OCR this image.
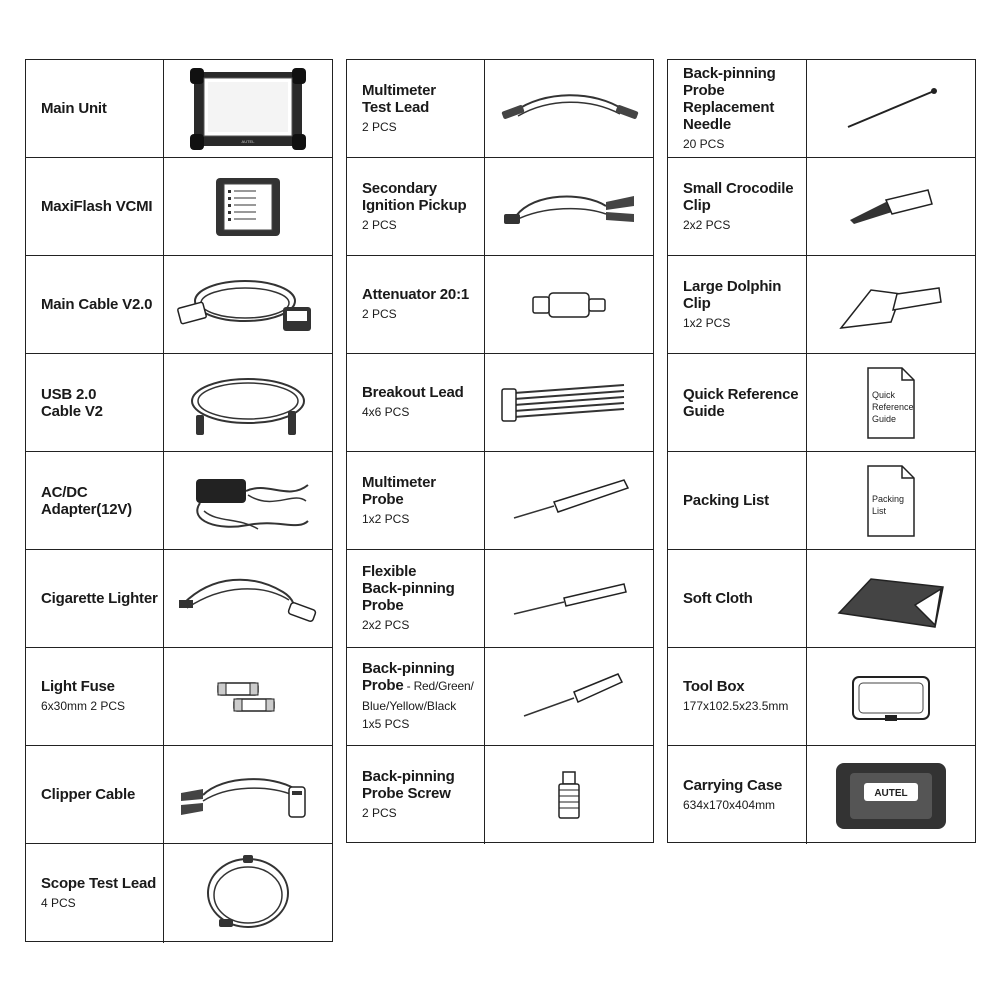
Main Unit
AUTEL
MaxiFlash VCMI
Main Cable V2.0
USB 2.0
Cable V2
AC/DC
Adapter(12V)
Cigarette Lighter
Light Fuse
6x30mm 2 PCS
Clipper Cable
Scope Test Lead
4 PCS
Multimeter
Test Lead
2 PCS
Secondary
Ignition Pickup
2 PCS
Attenuator 20:1
2 PCS
Breakout Lead
4x6 PCS
Multimeter
Probe
1x2 PCS
Flexible
Back-pinning
Probe
2x2 PCS
Back-pinning
Probe - Red/Green/
Blue/Yellow/Black
1x5 PCS
Back-pinning
Probe Screw
2 PCS
Back-pinning
Probe
Replacement
Needle
20 PCS
Small Crocodile
Clip
2x2 PCS
Large Dolphin
Clip
1x2 PCS
Quick Reference
Guide
Quick
Reference
Guide
Packing List	Packing
List
Soft Cloth
Tool Box
177x102.5x23.5mm
Carrying Case
634x170x404mm
AUTEL
